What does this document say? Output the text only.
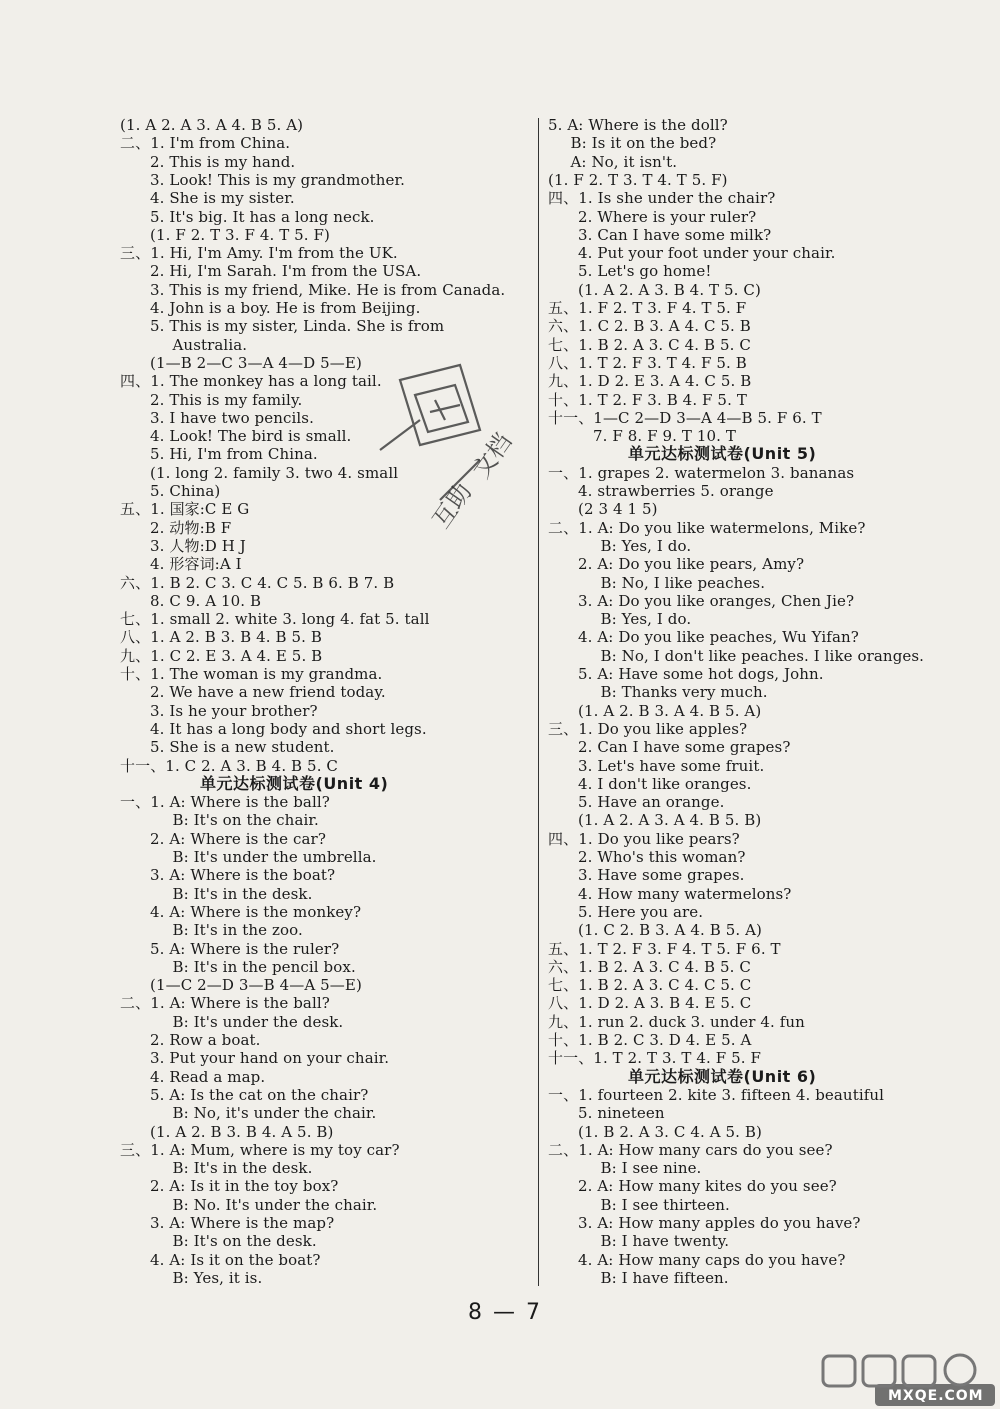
(1. A 2. A 3. A 4. B 5. A)
二、1. I'm from China.
2. This is my hand.
3. Look! This is my grandmother.
4. She is my sister.
5. It's big. It has a long neck.
(1. F 2. T 3. F 4. T 5. F)
三、1. Hi, I'm Amy. I'm from the UK.
2. Hi, I'm Sarah. I'm from the USA.
3. This is my friend, Mike. He is from Canada.
4. John is a boy. He is from Beijing.
5. This is my sister, Linda. She is from
Australia.
(1—B 2—C 3—A 4—D 5—E)
四、1. The monkey has a long tail.
2. This is my family.
3. I have two pencils.
4. Look! The bird is small.
5. Hi, I'm from China.
(1. long 2. family 3. two 4. small
5. China)
五、1. 国家:C E G
2. 动物:B F
3. 人物:D H J
4. 形容词:A I
六、1. B 2. C 3. C 4. C 5. B 6. B 7. B
8. C 9. A 10. B
七、1. small 2. white 3. long 4. fat 5. tall
八、1. A 2. B 3. B 4. B 5. B
九、1. C 2. E 3. A 4. E 5. B
十、1. The woman is my grandma.
2. We have a new friend today.
3. Is he your brother?
4. It has a long body and short legs.
5. She is a new student.
十一、1. C 2. A 3. B 4. B 5. C
单元达标测试卷(Unit 4)
一、1. A: Where is the ball?
B: It's on the chair.
2. A: Where is the car?
B: It's under the umbrella.
3. A: Where is the boat?
B: It's in the desk.
4. A: Where is the monkey?
B: It's in the zoo.
5. A: Where is the ruler?
B: It's in the pencil box.
(1—C 2—D 3—B 4—A 5—E)
二、1. A: Where is the ball?
B: It's under the desk.
2. Row a boat.
3. Put your hand on your chair.
4. Read a map.
5. A: Is the cat on the chair?
B: No, it's under the chair.
(1. A 2. B 3. B 4. A 5. B)
三、1. A: Mum, where is my toy car?
B: It's in the desk.
2. A: Is it in the toy box?
B: No. It's under the chair.
3. A: Where is the map?
B: It's on the desk.
4. A: Is it on the boat?
B: Yes, it is.
5. A: Where is the doll?
B: Is it on the bed?
A: No, it isn't.
(1. F 2. T 3. T 4. T 5. F)
四、1. Is she under the chair?
2. Where is your ruler?
3. Can I have some milk?
4. Put your foot under your chair.
5. Let's go home!
(1. A 2. A 3. B 4. T 5. C)
五、1. F 2. T 3. F 4. T 5. F
六、1. C 2. B 3. A 4. C 5. B
七、1. B 2. A 3. C 4. B 5. C
八、1. T 2. F 3. T 4. F 5. B
九、1. D 2. E 3. A 4. C 5. B
十、1. T 2. F 3. B 4. F 5. T
十一、1—C 2—D 3—A 4—B 5. F 6. T
7. F 8. F 9. T 10. T
单元达标测试卷(Unit 5)
一、1. grapes 2. watermelon 3. bananas
4. strawberries 5. orange
(2 3 4 1 5)
二、1. A: Do you like watermelons, Mike?
B: Yes, I do.
2. A: Do you like pears, Amy?
B: No, I like peaches.
3. A: Do you like oranges, Chen Jie?
B: Yes, I do.
4. A: Do you like peaches, Wu Yifan?
B: No, I don't like peaches. I like oranges.
5. A: Have some hot dogs, John.
B: Thanks very much.
(1. A 2. B 3. A 4. B 5. A)
三、1. Do you like apples?
2. Can I have some grapes?
3. Let's have some fruit.
4. I don't like oranges.
5. Have an orange.
(1. A 2. A 3. A 4. B 5. B)
四、1. Do you like pears?
2. Who's this woman?
3. Have some grapes.
4. How many watermelons?
5. Here you are.
(1. C 2. B 3. A 4. B 5. A)
五、1. T 2. F 3. F 4. T 5. F 6. T
六、1. B 2. A 3. C 4. B 5. C
七、1. B 2. A 3. C 4. C 5. C
八、1. D 2. A 3. B 4. E 5. C
九、1. run 2. duck 3. under 4. fun
十、1. B 2. C 3. D 4. E 5. A
十一、1. T 2. T 3. T 4. F 5. F
单元达标测试卷(Unit 6)
一、1. fourteen 2. kite 3. fifteen 4. beautiful
5. nineteen
(1. B 2. A 3. C 4. A 5. B)
二、1. A: How many cars do you see?
B: I see nine.
2. A: How many kites do you see?
B: I see thirteen.
3. A: How many apples do you have?
B: I have twenty.
4. A: How many caps do you have?
B: I have fifteen.
互助
文档
8 — 7
MXQE.COM
